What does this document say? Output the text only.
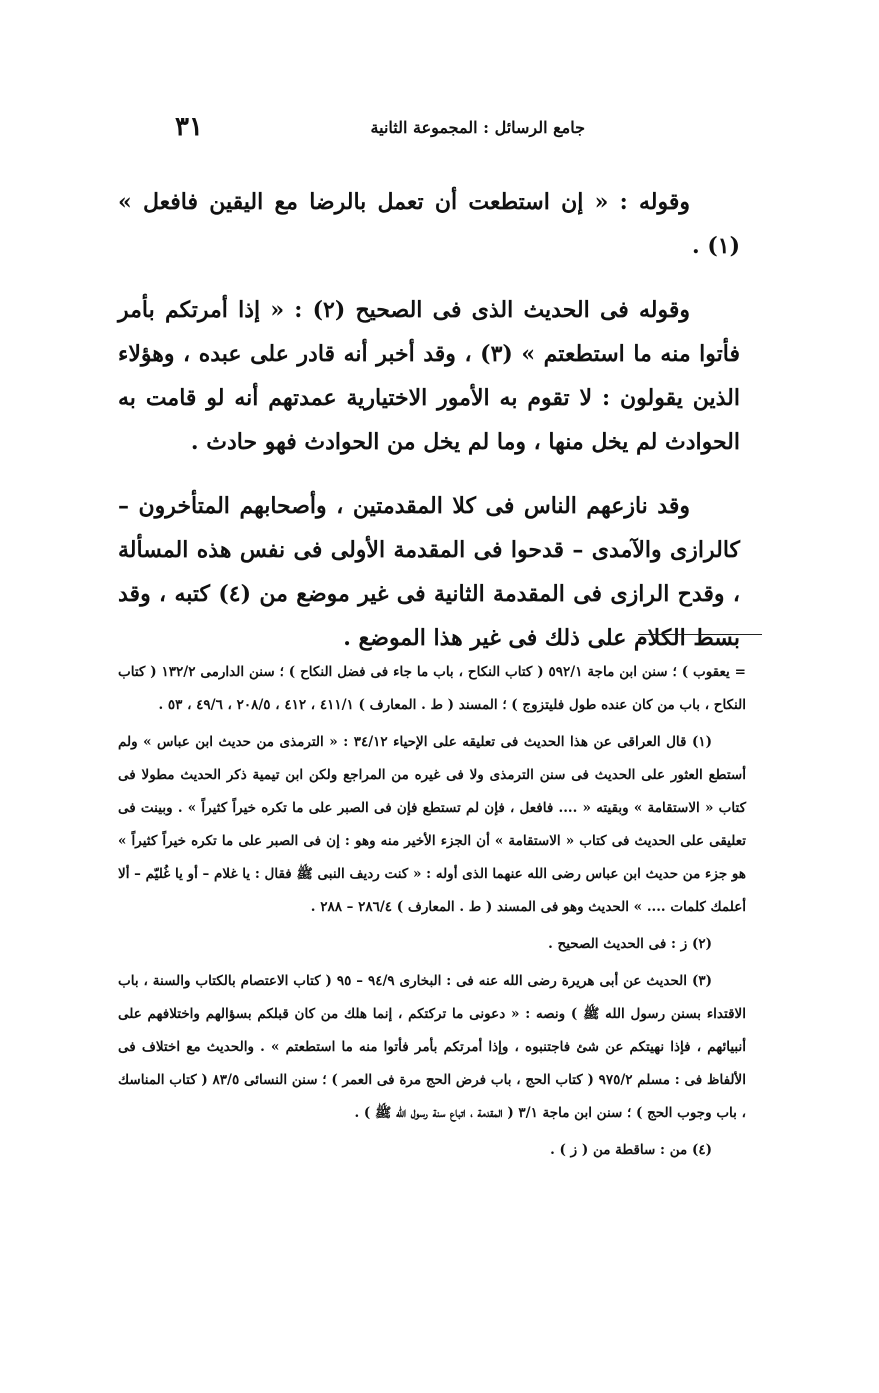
جامع الرسائل : المجموعة الثانية
٣١

وقوله : « إن استطعت أن تعمل بالرضا مع اليقين فافعل » (١) .

وقوله فى الحديث الذى فى الصحيح (٢) : « إذا أمرتكم بأمر فأتوا منه ما استطعتم » (٣) ، وقد أخبر أنه قادر على عبده ، وهؤلاء الذين يقولون : لا تقوم به الأمور الاختيارية عمدتهم أنه لو قامت به الحوادث لم يخل منها ، وما لم يخل من الحوادث فهو حادث .

وقد نازعهم الناس فى كلا المقدمتين ، وأصحابهم المتأخرون – كالرازى والآمدى – قدحوا فى المقدمة الأولى فى نفس هذه المسألة ، وقدح الرازى فى المقدمة الثانية فى غير موضع من (٤) كتبه ، وقد بسط الكلام على ذلك فى غير هذا الموضع .

= يعقوب ) ؛ سنن ابن ماجة ٥٩٢/١ ( كتاب النكاح ، باب ما جاء فى فضل النكاح ) ؛ سنن الدارمى ١٣٢/٢ ( كتاب النكاح ، باب من كان عنده طول فليتزوج ) ؛ المسند ( ط . المعارف ) ٤١١/١ ، ٤١٢ ، ٢٠٨/٥ ، ٤٩/٦ ، ٥٣ .

(١) قال العراقى عن هذا الحديث فى تعليقه على الإحياء ٣٤/١٢ : « الترمذى من حديث ابن عباس » ولم أستطع العثور على الحديث فى سنن الترمذى ولا فى غيره من المراجع ولكن ابن تيمية ذكر الحديث مطولا فى كتاب « الاستقامة » وبقيته « .... فافعل ، فإن لم تستطع فإن فى الصبر على ما تكره خيراً كثيراً » . وبينت فى تعليقى على الحديث فى كتاب « الاستقامة » أن الجزء الأخير منه وهو : إن فى الصبر على ما تكره خيراً كثيراً » هو جزء من حديث ابن عباس رضى الله عنهما الذى أوله : « كنت رديف النبى ﷺ فقال : يا غلام – أو يا غُليّم – ألا أعلمك كلمات .... » الحديث وهو فى المسند ( ط . المعارف ) ٢٨٦/٤ – ٢٨٨ .

(٢) ز : فى الحديث الصحيح .

(٣) الحديث عن أبى هريرة رضى الله عنه فى : البخارى ٩٤/٩ – ٩٥ ( كتاب الاعتصام بالكتاب والسنة ، باب الاقتداء بسنن رسول الله ﷺ ) ونصه : « دعونى ما تركتكم ، إنما هلك من كان قبلكم بسؤالهم واختلافهم على أنبيائهم ، فإذا نهيتكم عن شئ فاجتنبوه ، وإذا أمرتكم بأمر فأتوا منه ما استطعتم » . والحديث مع اختلاف فى الألفاظ فى : مسلم ٩٧٥/٢ ( كتاب الحج ، باب فرض الحج مرة فى العمر ) ؛ سنن النسائى ٨٣/٥ ( كتاب المناسك ، باب وجوب الحج ) ؛ سنن ابن ماجة ٣/١ ( المقدمة ، اتباع سنة رسول الله ﷺ ) .

(٤) من : ساقطة من ( ز ) .
